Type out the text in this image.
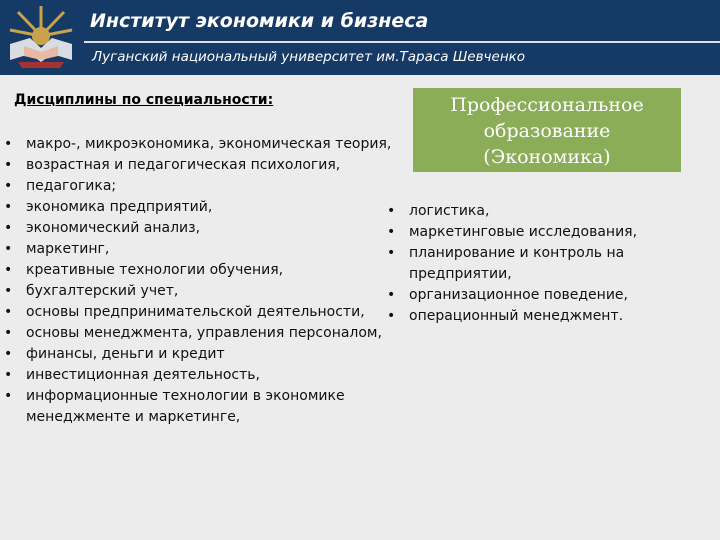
Институт экономики и бизнеса
Луганский национальный университет им.Тараса Шевченко
Дисциплины по специальности:
• макро-, микроэкономика, экономическая теория,
• возрастная и педагогическая психология,
• педагогика;
• экономика предприятий,
• экономический анализ,
• маркетинг,
• креативные технологии обучения,
• бухгалтерский учет,
• основы предпринимательской деятельности,
• основы менеджмента, управления персоналом,
• финансы, деньги и кредит
• инвестиционная деятельность,
• информационные технологии в экономике менеджменте и маркетинге,
Профессиональное
образование
(Экономика)
• логистика,
• маркетинговые исследования,
• планирование и контроль на предприятии,
• организационное поведение,
• операционный менеджмент.
